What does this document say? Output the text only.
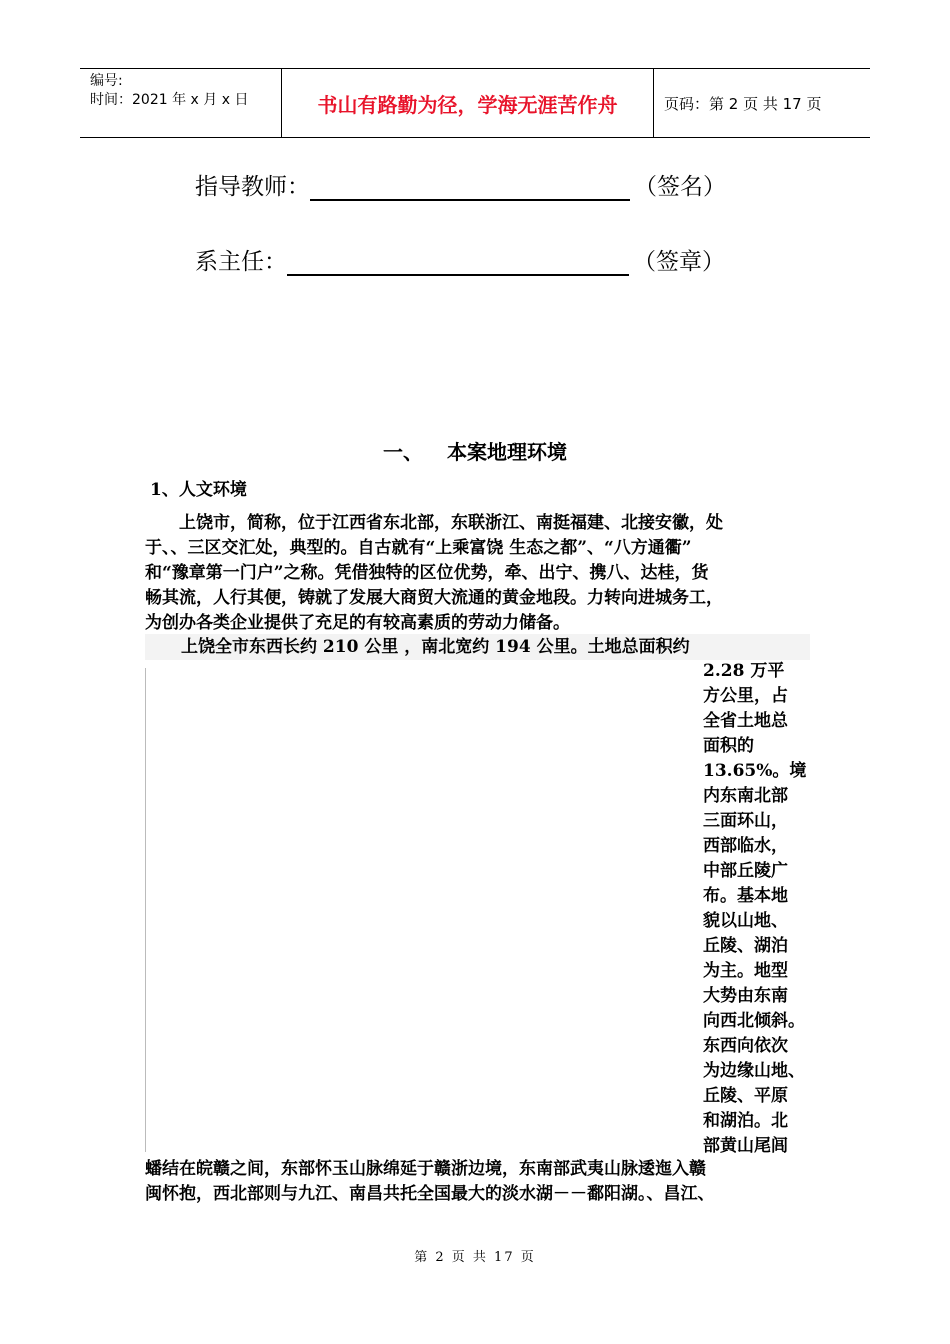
编号:
时间：2021 年 x 月 x 日	书山有路勤为径，学海无涯苦作舟	页码：第 2 页 共 17 页
指导教师：	（签名）
系主任：	（签章）
一、 本案地理环境
1、人文环境
　　上饶市，简称，位于江西省东北部，东联浙江、南挺福建、北接安徽，处
于、、三区交汇处，典型的。自古就有“上乘富饶 生态之都”、“八方通衢”
和“豫章第一门户”之称。凭借独特的区位优势，牵、出宁、携八、达桂，货
畅其流，人行其便，铸就了发展大商贸大流通的黄金地段。力转向进城务工，
为创办各类企业提供了充足的有较高素质的劳动力储备。
上饶全市东西长约 210 公里 ，南北宽约 194 公里。土地总面积约
2.28 万平
方公里，占
全省土地总
面积的
13.65%。境
内东南北部
三面环山，
西部临水，
中部丘陵广
布。基本地
貌以山地、
丘陵、湖泊
为主。地型
大势由东南
向西北倾斜。
东西向依次
为边缘山地、
丘陵、平原
和湖泊。北
部黄山尾闾
蟠结在皖赣之间，东部怀玉山脉绵延于赣浙边境，东南部武夷山脉逶迤入赣
闽怀抱，西北部则与九江、南昌共托全国最大的淡水湖－－鄱阳湖。、昌江、
第 2 页 共 17 页
